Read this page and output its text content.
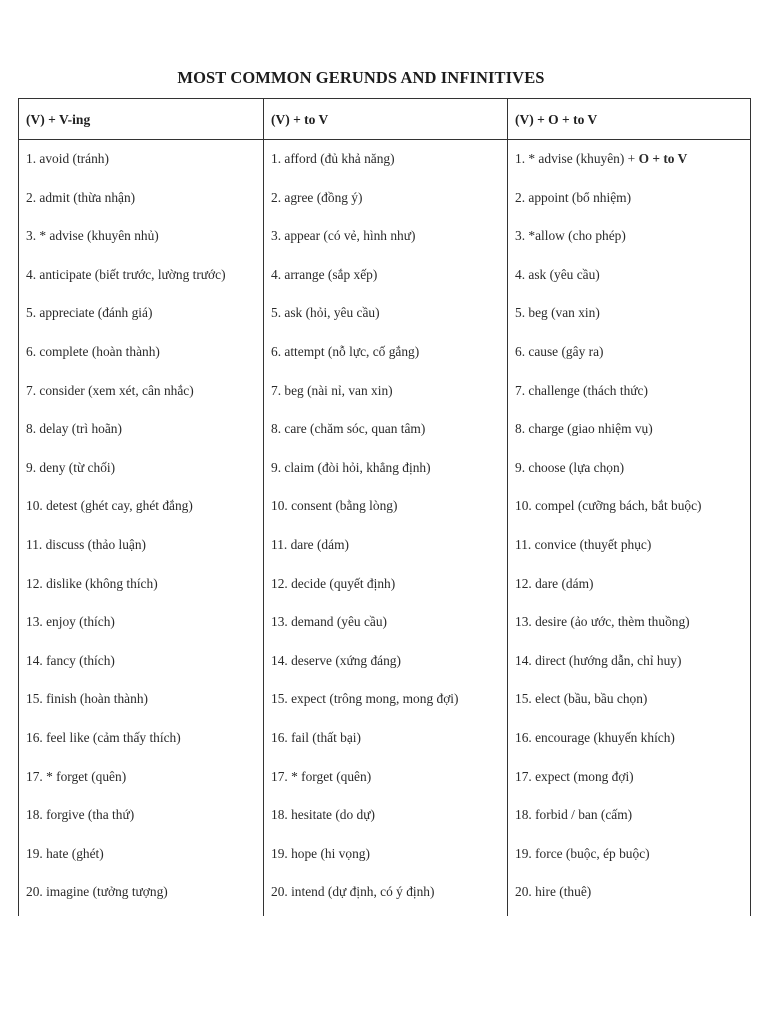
MOST COMMON GERUNDS AND INFINITIVES
(V) + V-ing
1. avoid (tránh)
2. admit (thừa nhận)
3. * advise (khuyên nhủ)
4. anticipate (biết trước, lường trước)
5. appreciate (đánh giá)
6. complete (hoàn thành)
7. consider (xem xét, cân nhắc)
8. delay (trì hoãn)
9. deny (từ chối)
10. detest (ghét cay, ghét đắng)
11. discuss (thảo luận)
12. dislike (không thích)
13. enjoy (thích)
14. fancy (thích)
15. finish (hoàn thành)
16. feel like (cảm thấy thích)
17. * forget (quên)
18. forgive (tha thứ)
19. hate (ghét)
20. imagine (tưởng tượng)
(V) + to V
1. afford (đủ khả năng)
2. agree (đồng ý)
3. appear (có vẻ, hình như)
4. arrange (sắp xếp)
5. ask (hỏi, yêu cầu)
6. attempt (nỗ lực, cố gắng)
7. beg (nài nỉ, van xin)
8. care (chăm sóc, quan tâm)
9. claim (đòi hỏi, khẳng định)
10. consent (bằng lòng)
11. dare (dám)
12. decide (quyết định)
13. demand (yêu cầu)
14. deserve (xứng đáng)
15. expect (trông mong, mong đợi)
16. fail (thất bại)
17. * forget (quên)
18. hesitate (do dự)
19. hope (hi vọng)
20. intend (dự định, có ý định)
(V) + O + to V
1. * advise (khuyên) + O + to V
2. appoint (bổ nhiệm)
3. *allow (cho phép)
4. ask (yêu cầu)
5. beg (van xin)
6. cause (gây ra)
7. challenge (thách thức)
8. charge (giao nhiệm vụ)
9. choose (lựa chọn)
10. compel (cưỡng bách, bắt buộc)
11. convice (thuyết phục)
12. dare (dám)
13. desire (ảo ước, thèm thuồng)
14. direct (hướng dẫn, chỉ huy)
15. elect (bầu, bầu chọn)
16. encourage (khuyến khích)
17. expect (mong đợi)
18. forbid / ban (cấm)
19. force (buộc, ép buộc)
20. hire (thuê)
